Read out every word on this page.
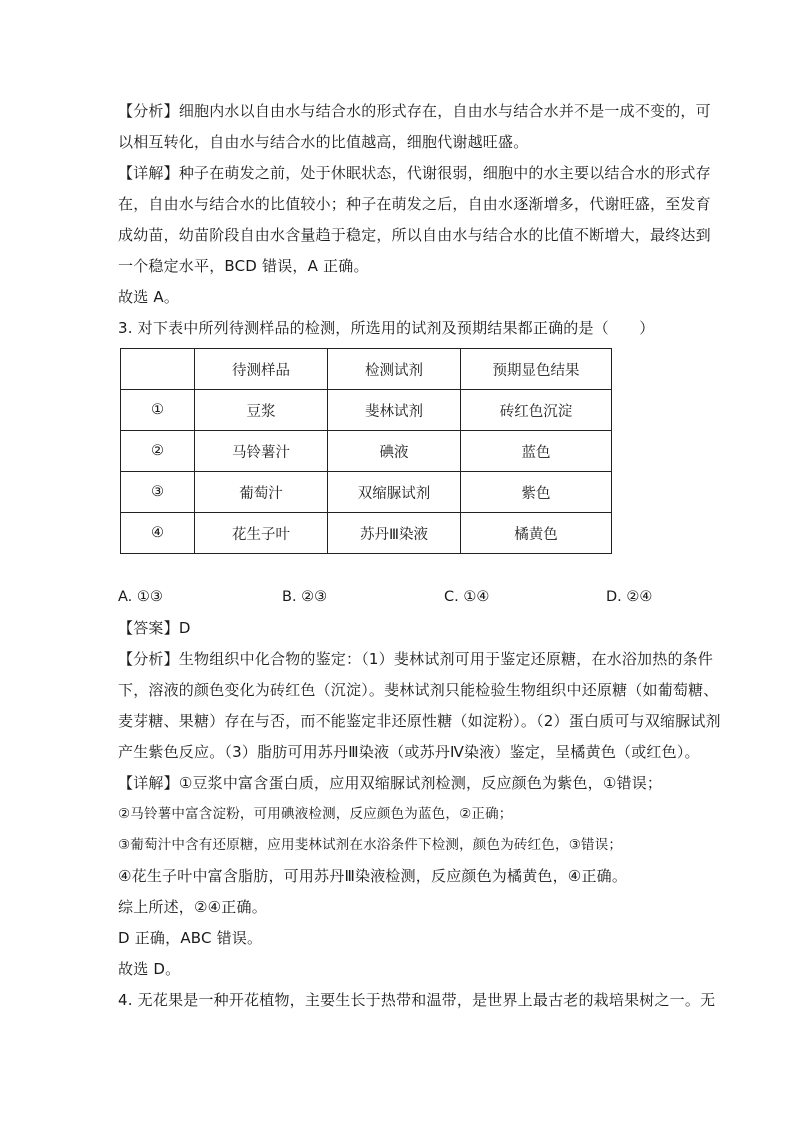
【分析】细胞内水以自由水与结合水的形式存在，自由水与结合水并不是一成不变的，可
以相互转化，自由水与结合水的比值越高，细胞代谢越旺盛。
【详解】种子在萌发之前，处于休眠状态，代谢很弱，细胞中的水主要以结合水的形式存
在，自由水与结合水的比值较小；种子在萌发之后，自由水逐渐增多，代谢旺盛，至发育
成幼苗，幼苗阶段自由水含量趋于稳定，所以自由水与结合水的比值不断增大，最终达到
一个稳定水平，BCD 错误，A 正确。
故选 A。
3. 对下表中所列待测样品的检测，所选用的试剂及预期结果都正确的是（　　）
	待测样品	检测试剂	预期显色结果
①	豆浆	斐林试剂	砖红色沉淀
②	马铃薯汁	碘液	蓝色
③	葡萄汁	双缩脲试剂	紫色
④	花生子叶	苏丹Ⅲ染液	橘黄色
A. ①③	B. ②③	C. ①④	D. ②④
【答案】D
【分析】生物组织中化合物的鉴定：（1）斐林试剂可用于鉴定还原糖，在水浴加热的条件
下，溶液的颜色变化为砖红色（沉淀）。斐林试剂只能检验生物组织中还原糖（如葡萄糖、
麦芽糖、果糖）存在与否，而不能鉴定非还原性糖（如淀粉）。（2）蛋白质可与双缩脲试剂
产生紫色反应。（3）脂肪可用苏丹Ⅲ染液（或苏丹Ⅳ染液）鉴定，呈橘黄色（或红色）。
【详解】①豆浆中富含蛋白质，应用双缩脲试剂检测，反应颜色为紫色，①错误；
②马铃薯中富含淀粉，可用碘液检测，反应颜色为蓝色，②正确；
③葡萄汁中含有还原糖，应用斐林试剂在水浴条件下检测，颜色为砖红色，③错误；
④花生子叶中富含脂肪，可用苏丹Ⅲ染液检测，反应颜色为橘黄色，④正确。
综上所述，②④正确。
D 正确，ABC 错误。
故选 D。
4. 无花果是一种开花植物，主要生长于热带和温带，是世界上最古老的栽培果树之一。无
